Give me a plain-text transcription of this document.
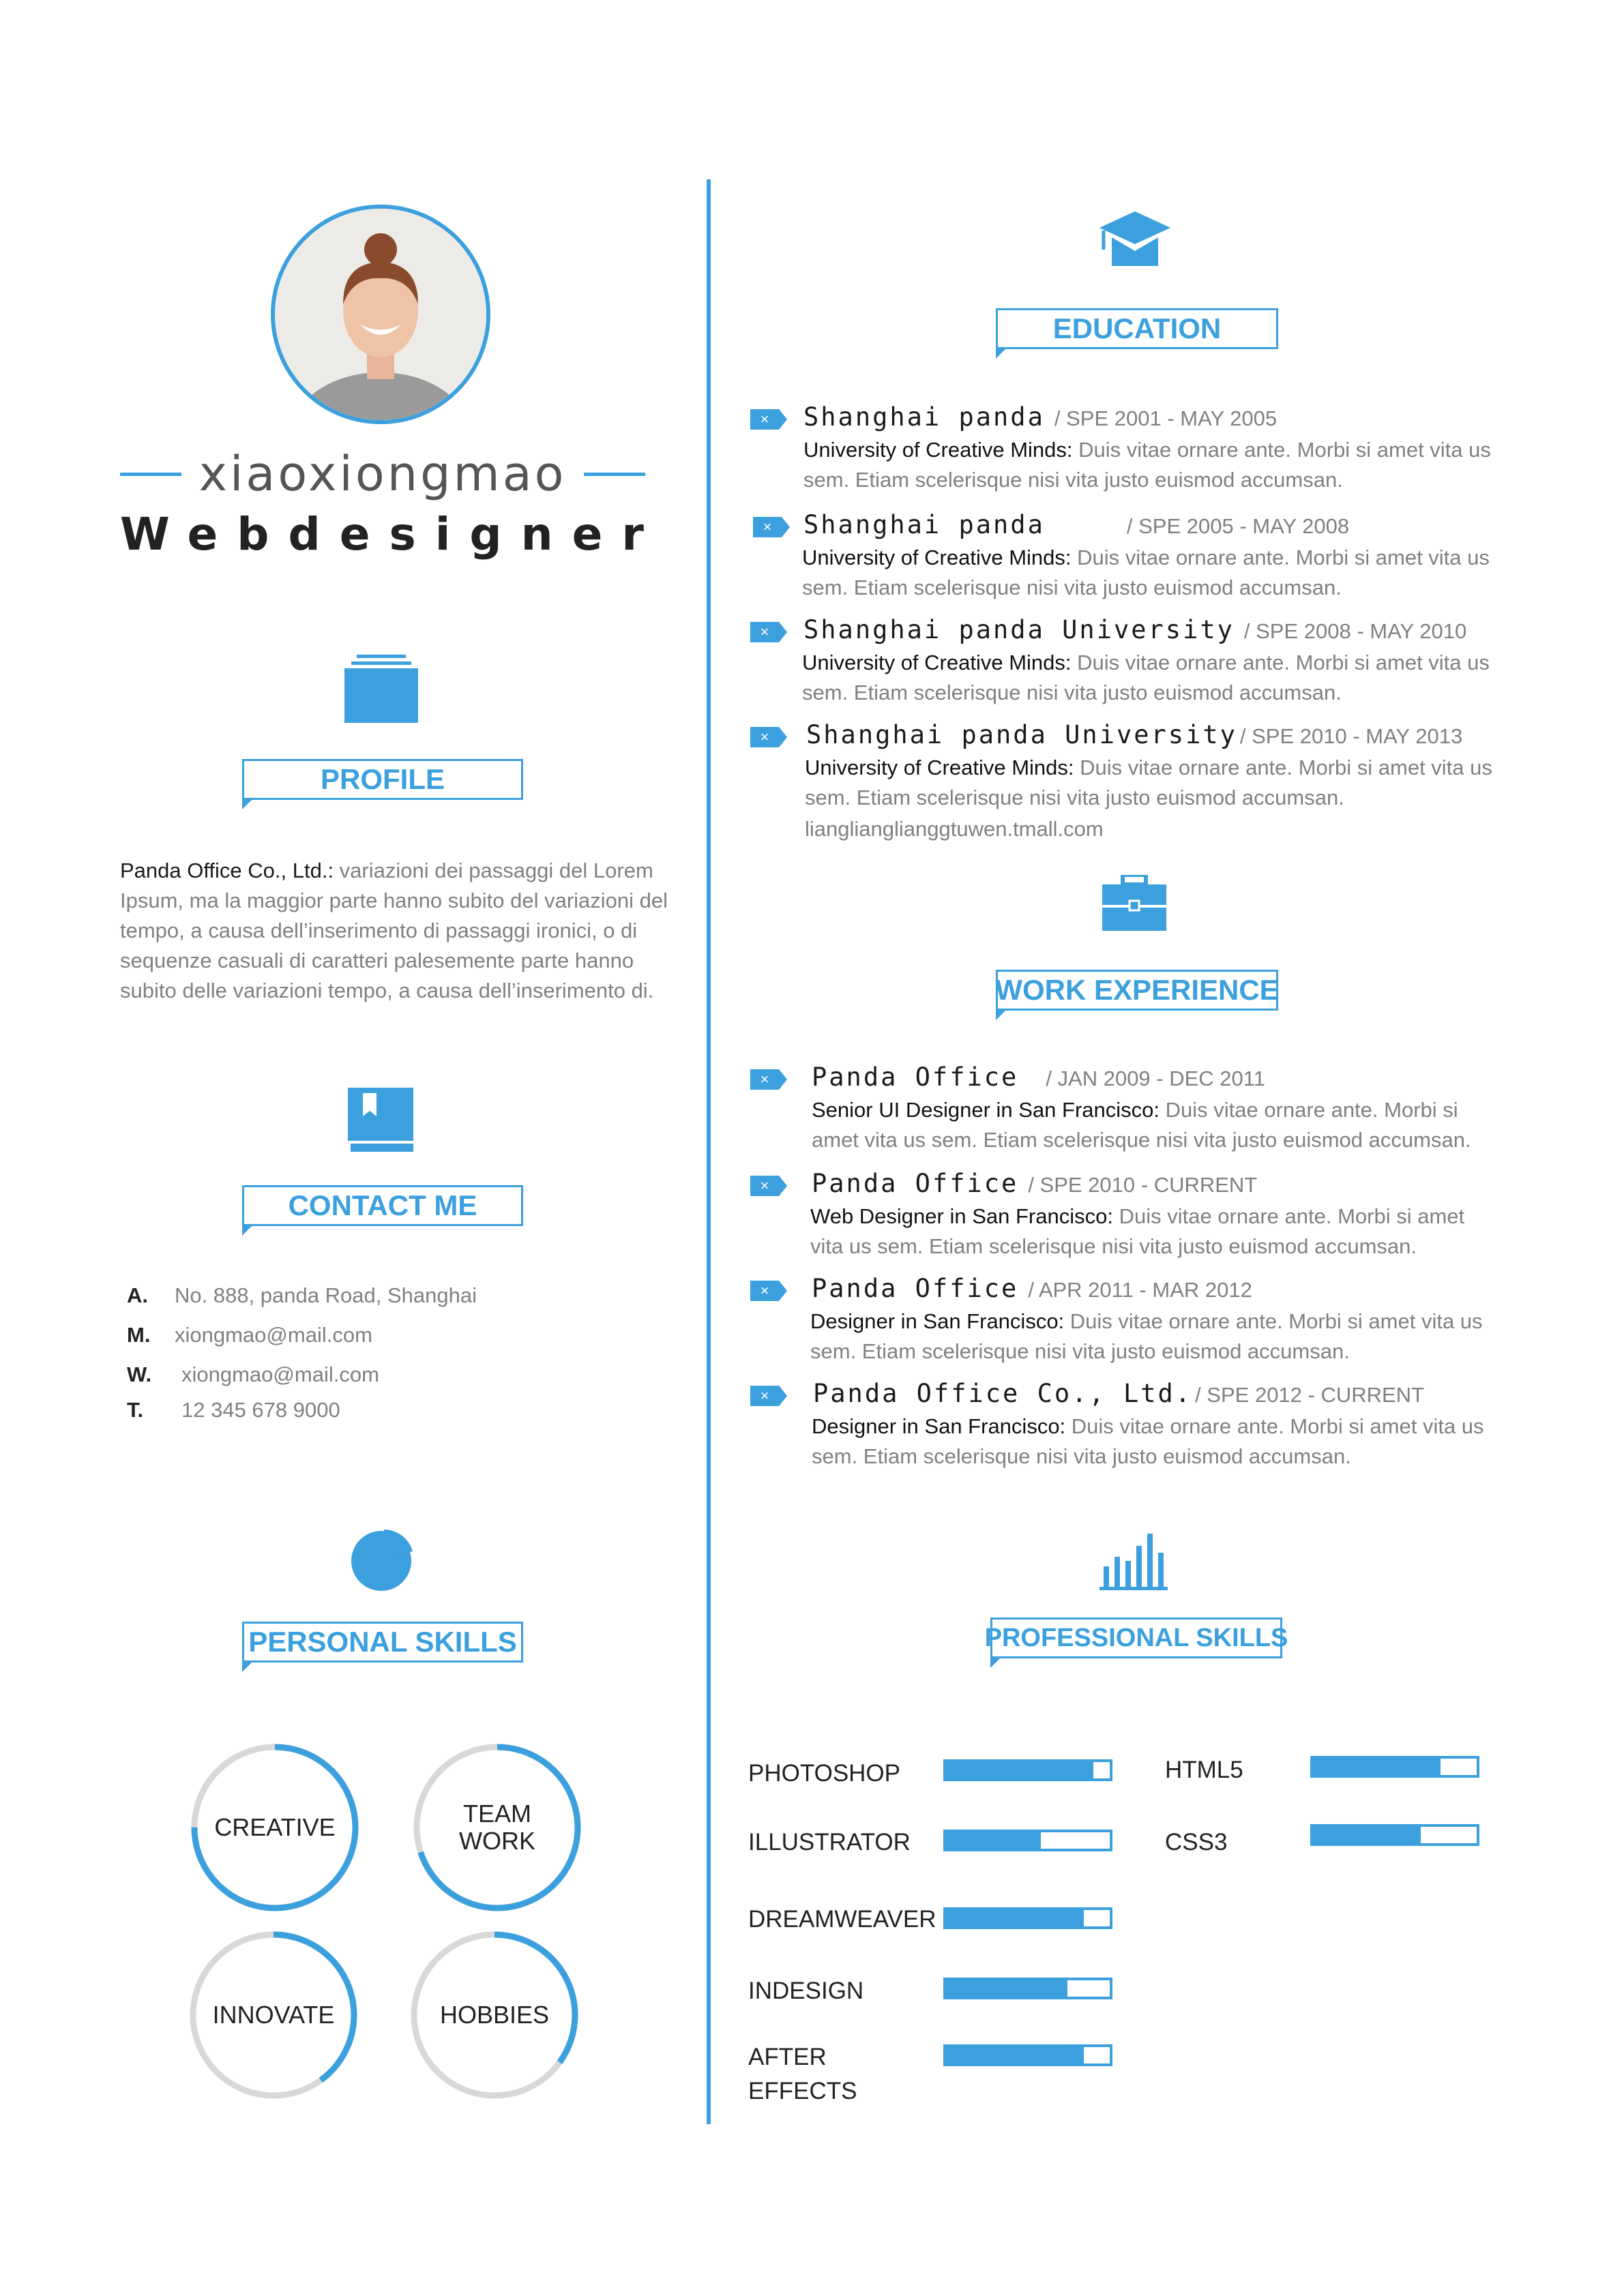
xiaoxiongmao
Webdesigner
PROFILE
Panda Office Co., Ltd.: variazioni dei passaggi del Lorem Ipsum, ma la maggior parte hanno subito del variazioni del tempo, a causa dell’inserimento di passaggi ironici, o di sequenze casuali di caratteri palesemente parte hanno subito delle variazioni tempo, a causa dell’inserimento di.
CONTACT ME
A. No. 888, panda Road, Shanghai
M. xiongmao@mail.com
W. xiongmao@mail.com
T. 12 345 678 9000
PERSONAL SKILLS
CREATIVE	TEAM
WORK
INNOVATE	HOBBIES
EDUCATION
×	Shanghai panda / SPE 2001 - MAY 2005
University of Creative Minds: Duis vitae ornare ante. Morbi si amet vita us sem. Etiam scelerisque nisi vita justo euismod accumsan.
×	Shanghai panda	/ SPE 2005 - MAY 2008
University of Creative Minds: Duis vitae ornare ante. Morbi si amet vita us sem. Etiam scelerisque nisi vita justo euismod accumsan.
×	Shanghai panda University / SPE 2008 - MAY 2010
University of Creative Minds: Duis vitae ornare ante. Morbi si amet vita us sem. Etiam scelerisque nisi vita justo euismod accumsan.
×	Shanghai panda University / SPE 2010 - MAY 2013
University of Creative Minds: Duis vitae ornare ante. Morbi si amet vita us sem. Etiam scelerisque nisi vita justo euismod accumsan.
lianglianglianggtuwen.tmall.com
WORK EXPERIENCE
×	Panda Office / JAN 2009 - DEC 2011
Senior UI Designer in San Francisco: Duis vitae ornare ante. Morbi si amet vita us sem. Etiam scelerisque nisi vita justo euismod accumsan.
×	Panda Office / SPE 2010 - CURRENT
Web Designer in San Francisco: Duis vitae ornare ante. Morbi si amet vita us sem. Etiam scelerisque nisi vita justo euismod accumsan.
×	Panda Office / APR 2011 - MAR 2012
Designer in San Francisco: Duis vitae ornare ante. Morbi si amet vita us sem. Etiam scelerisque nisi vita justo euismod accumsan.
×	Panda Office Co., Ltd. / SPE 2012 - CURRENT
Designer in San Francisco: Duis vitae ornare ante. Morbi si amet vita us sem. Etiam scelerisque nisi vita justo euismod accumsan.
PROFESSIONAL SKILLS
PHOTOSHOP
ILLUSTRATOR
DREAMWEAVER
INDESIGN
AFTER
EFFECTS
HTML5
CSS3
